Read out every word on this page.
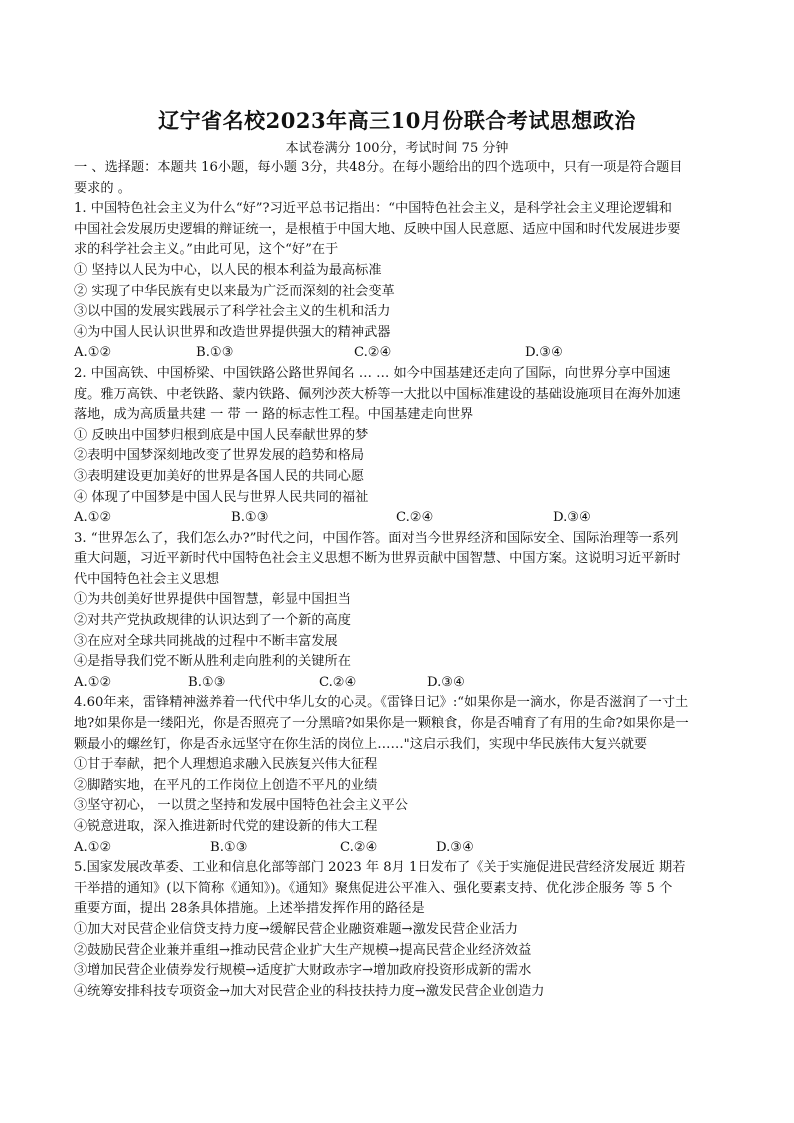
辽宁省名校2023年高三10月份联合考试思想政治
本试卷满分 100分，考试时间 75 分钟
一 、选择题：本题共 16小题，每小题 3分，共48分。在每小题给出的四个选项中，只有一项是符合题目
要求的 。
1. 中国特色社会主义为什么“好”?习近平总书记指出：“中国特色社会主义，是科学社会主义理论逻辑和
中国社会发展历史逻辑的辩证统一，是根植于中国大地、反映中国人民意愿、适应中国和时代发展进步要
求的科学社会主义。”由此可见，这个“好”在于
① 坚持以人民为中心，以人民的根本利益为最高标准
② 实现了中华民族有史以来最为广泛而深刻的社会变革
③以中国的发展实践展示了科学社会主义的生机和活力
④为中国人民认识世界和改造世界提供强大的精神武器
A.①②	B.①③	C.②④	D.③④
2. 中国高铁、中国桥梁、中国铁路公路世界闻名 … … 如今中国基建还走向了国际，向世界分享中国速
度。雅万高铁、中老铁路、蒙内铁路、佩列沙茨大桥等一大批以中国标准建设的基础设施项目在海外加速
落地，成为高质量共建 一 带 一 路的标志性工程。中国基建走向世界
① 反映出中国梦归根到底是中国人民奉献世界的梦
②表明中国梦深刻地改变了世界发展的趋势和格局
③表明建设更加美好的世界是各国人民的共同心愿
④ 体现了中国梦是中国人民与世界人民共同的福祉
A.①②	B.①③	C.②④	D.③④
3. “世界怎么了，我们怎么办?”时代之问，中国作答。面对当今世界经济和国际安全、国际治理等一系列
重大问题，习近平新时代中国特色社会主义思想不断为世界贡献中国智慧、中国方案。这说明习近平新时
代中国特色社会主义思想
①为共创美好世界提供中国智慧，彰显中国担当
②对共产党执政规律的认识达到了一个新的高度
③在应对全球共同挑战的过程中不断丰富发展
④是指导我们党不断从胜利走向胜利的关键所在
A.①②	B.①③	C.②④	D.③④
4.60年来，雷锋精神滋养着一代代中华儿女的心灵。《雷锋日记》:“如果你是一滴水，你是否滋润了一寸土
地?如果你是一缕阳光，你是否照亮了一分黑暗?如果你是一颗粮食，你是否哺育了有用的生命?如果你是一
颗最小的螺丝钉，你是否永远坚守在你生活的岗位上……"这启示我们，实现中华民族伟大复兴就要
①甘于奉献，把个人理想追求融入民族复兴伟大征程
②脚踏实地，在平凡的工作岗位上创造不平凡的业绩
③坚守初心， 一以贯之坚持和发展中国特色社会主义平公
④锐意进取，深入推进新时代党的建设新的伟大工程
A.①②	B.①③	C.②④	D.③④
5.国家发展改革委、工业和信息化部等部门 2023 年 8月 1日发布了《关于实施促进民营经济发展近 期若
干举措的通知》(以下简称《通知》)。《通知》聚焦促进公平准入、强化要素支持、优化涉企服务 等 5 个
重要方面，提出 28条具体措施。上述举措发挥作用的路径是
①加大对民营企业信贷支持力度→缓解民营企业融资难题→激发民营企业活力
②鼓励民营企业兼并重组→推动民营企业扩大生产规模→提高民营企业经济效益
③增加民营企业债券发行规模→适度扩大财政赤字→增加政府投资形成新的需水
④统筹安排科技专项资金→加大对民营企业的科技扶持力度→激发民营企业创造力
